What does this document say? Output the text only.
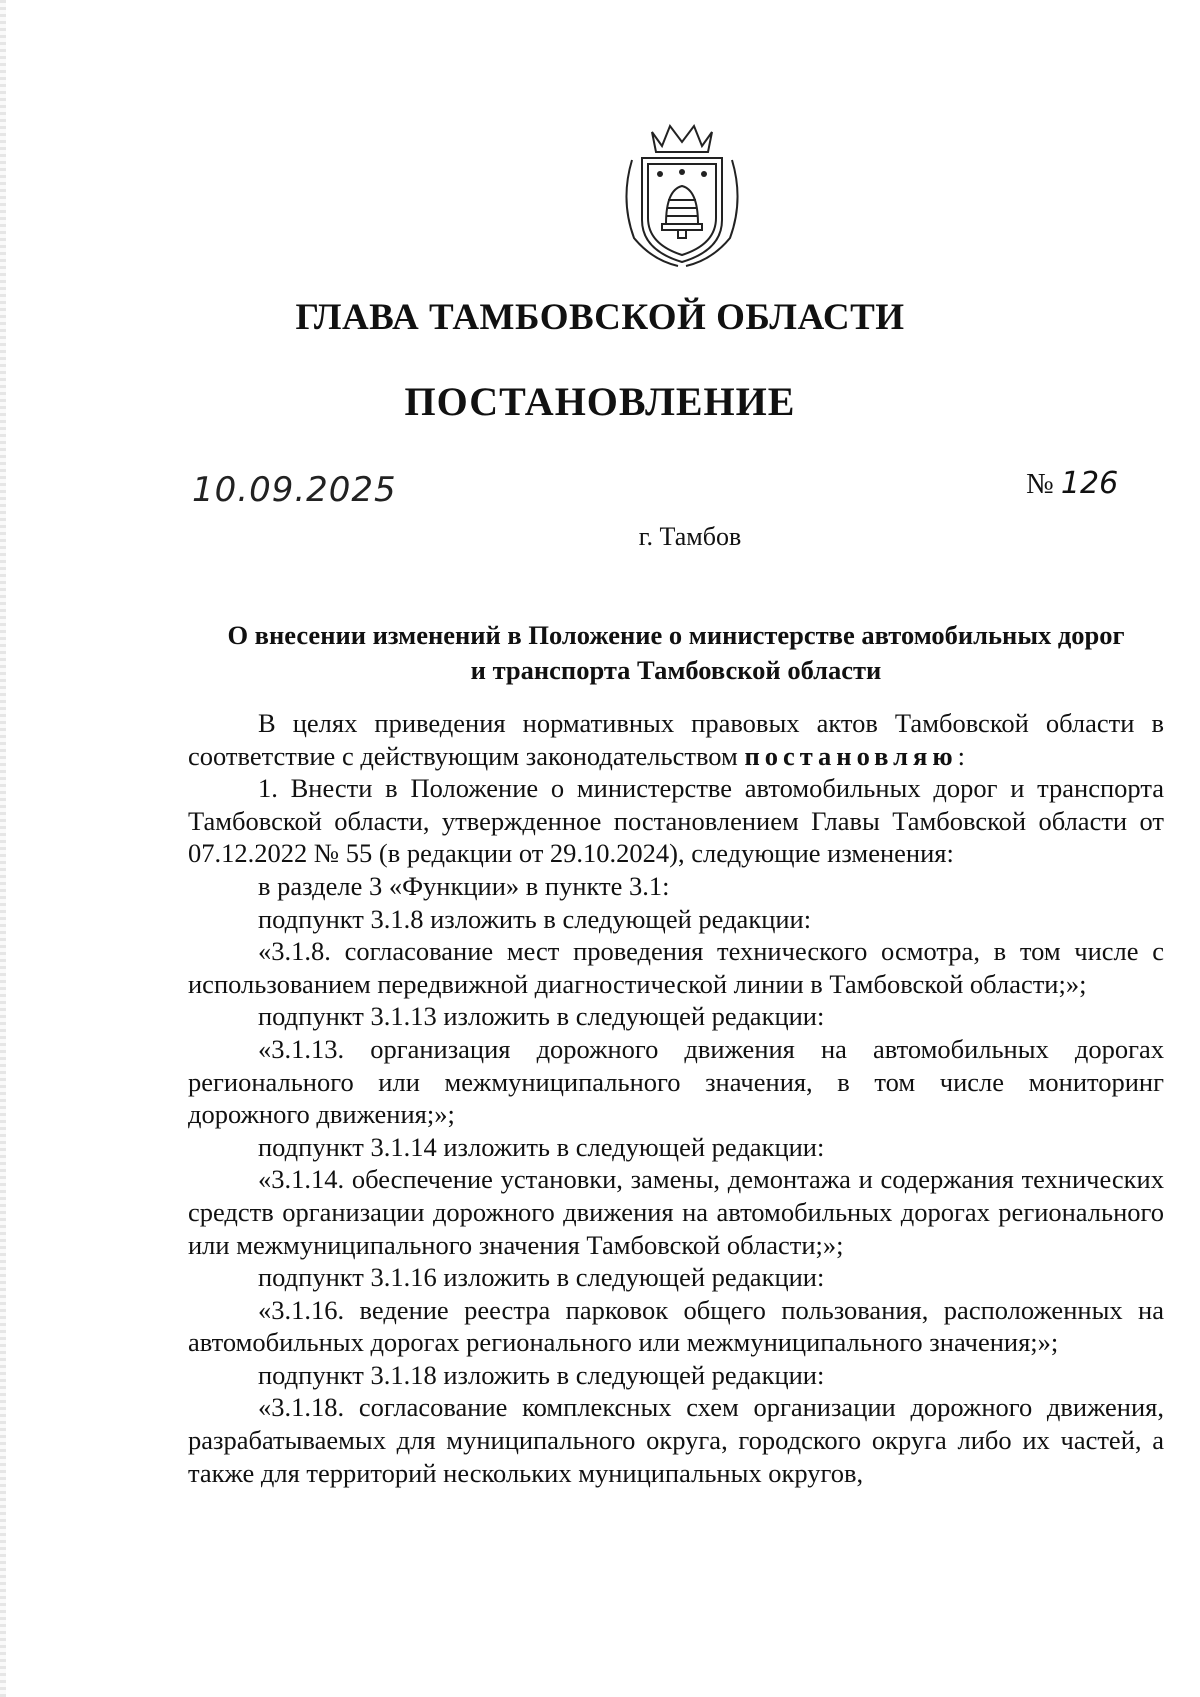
ГЛАВА ТАМБОВСКОЙ ОБЛАСТИ
ПОСТАНОВЛЕНИЕ
10.09.2025	№ 126
г. Тамбов
О внесении изменений в Положение о министерстве автомобильных дорог
и транспорта Тамбовской области

В целях приведения нормативных правовых актов Тамбовской области в соответствие с действующим законодательством постановляю:

1. Внести в Положение о министерстве автомобильных дорог и транспорта Тамбовской области, утвержденное постановлением Главы Тамбовской области от 07.12.2022 № 55 (в редакции от 29.10.2024), следующие изменения:

в разделе 3 «Функции» в пункте 3.1:

подпункт 3.1.8 изложить в следующей редакции:

«3.1.8. согласование мест проведения технического осмотра, в том числе с использованием передвижной диагностической линии в Тамбовской области;»;

подпункт 3.1.13 изложить в следующей редакции:

«3.1.13. организация дорожного движения на автомобильных дорогах регионального или межмуниципального значения, в том числе мониторинг дорожного движения;»;

подпункт 3.1.14 изложить в следующей редакции:

«3.1.14. обеспечение установки, замены, демонтажа и содержания технических средств организации дорожного движения на автомобильных дорогах регионального или межмуниципального значения Тамбовской области;»;

подпункт 3.1.16 изложить в следующей редакции:

«3.1.16. ведение реестра парковок общего пользования, расположенных на автомобильных дорогах регионального или межмуниципального значения;»;

подпункт 3.1.18 изложить в следующей редакции:

«3.1.18. согласование комплексных схем организации дорожного движения, разрабатываемых для муниципального округа, городского округа либо их частей, а также для территорий нескольких муниципальных округов,
